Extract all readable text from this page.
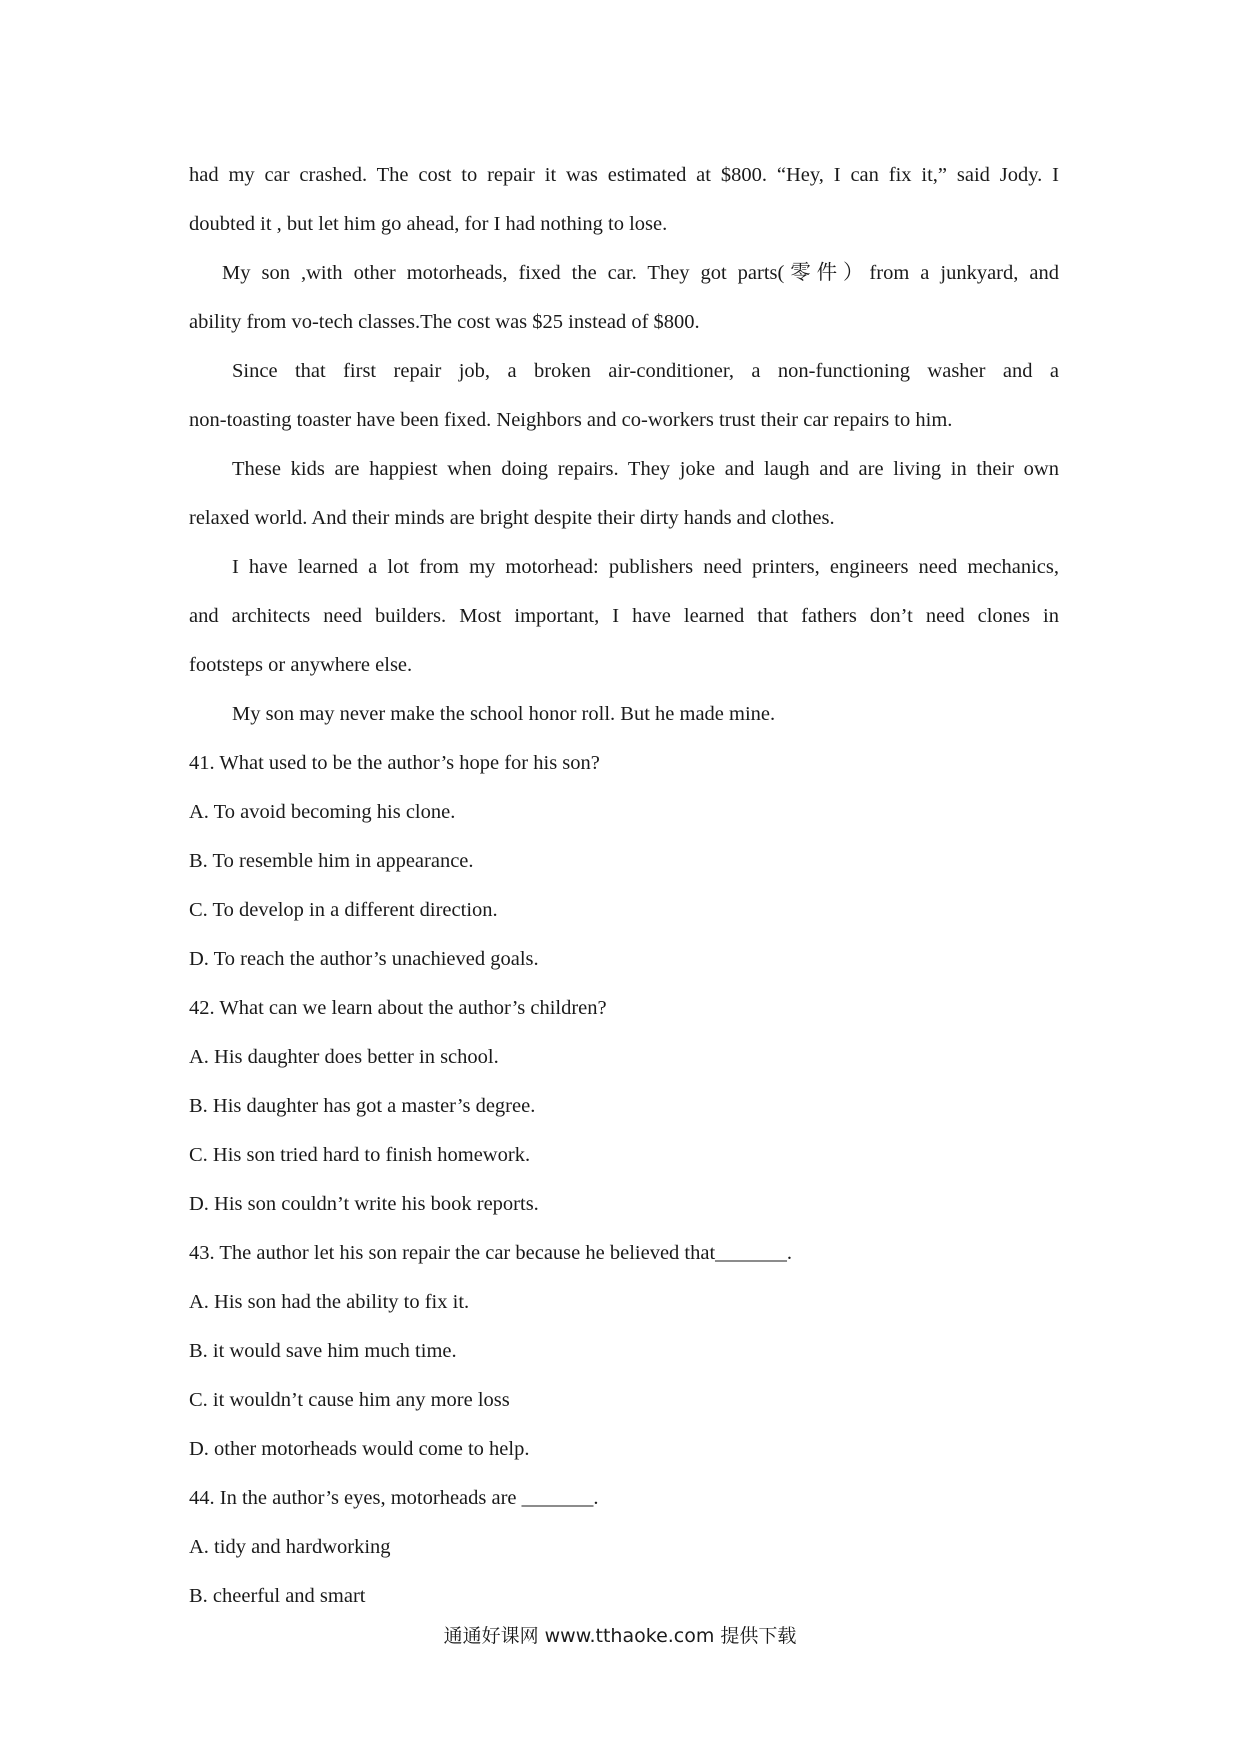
had my car crashed. The cost to repair it was estimated at $800. “Hey, I can fix it,” said Jody. I

doubted it , but let him go ahead, for I had nothing to lose.

My son ,with other motorheads, fixed the car. They got parts(零件）from a junkyard, and

ability from vo-tech classes.The cost was $25 instead of $800.

Since that first repair job, a broken air-conditioner, a non-functioning washer and a

non-toasting toaster have been fixed. Neighbors and co-workers trust their car repairs to him.

These kids are happiest when doing repairs. They joke and laugh and are living in their own

relaxed world. And their minds are bright despite their dirty hands and clothes.

I have learned a lot from my motorhead: publishers need printers, engineers need mechanics,

and architects need builders. Most important, I have learned that fathers don’t need clones in

footsteps or anywhere else.

My son may never make the school honor roll. But he made mine.

41. What used to be the author’s hope for his son?

A. To avoid becoming his clone.

B. To resemble him in appearance.

C. To develop in a different direction.

D. To reach the author’s unachieved goals.

42. What can we learn about the author’s children?

A. His daughter does better in school.

B. His daughter has got a master’s degree.

C. His son tried hard to finish homework.

D. His son couldn’t write his book reports.

43. The author let his son repair the car because he believed that_______.

A. His son had the ability to fix it.

B. it would save him much time.

C. it wouldn’t cause him any more loss

D. other motorheads would come to help.

44. In the author’s eyes, motorheads are _______.

A. tidy and hardworking

B. cheerful and smart

通通好课网 www.tthaoke.com 提供下载
